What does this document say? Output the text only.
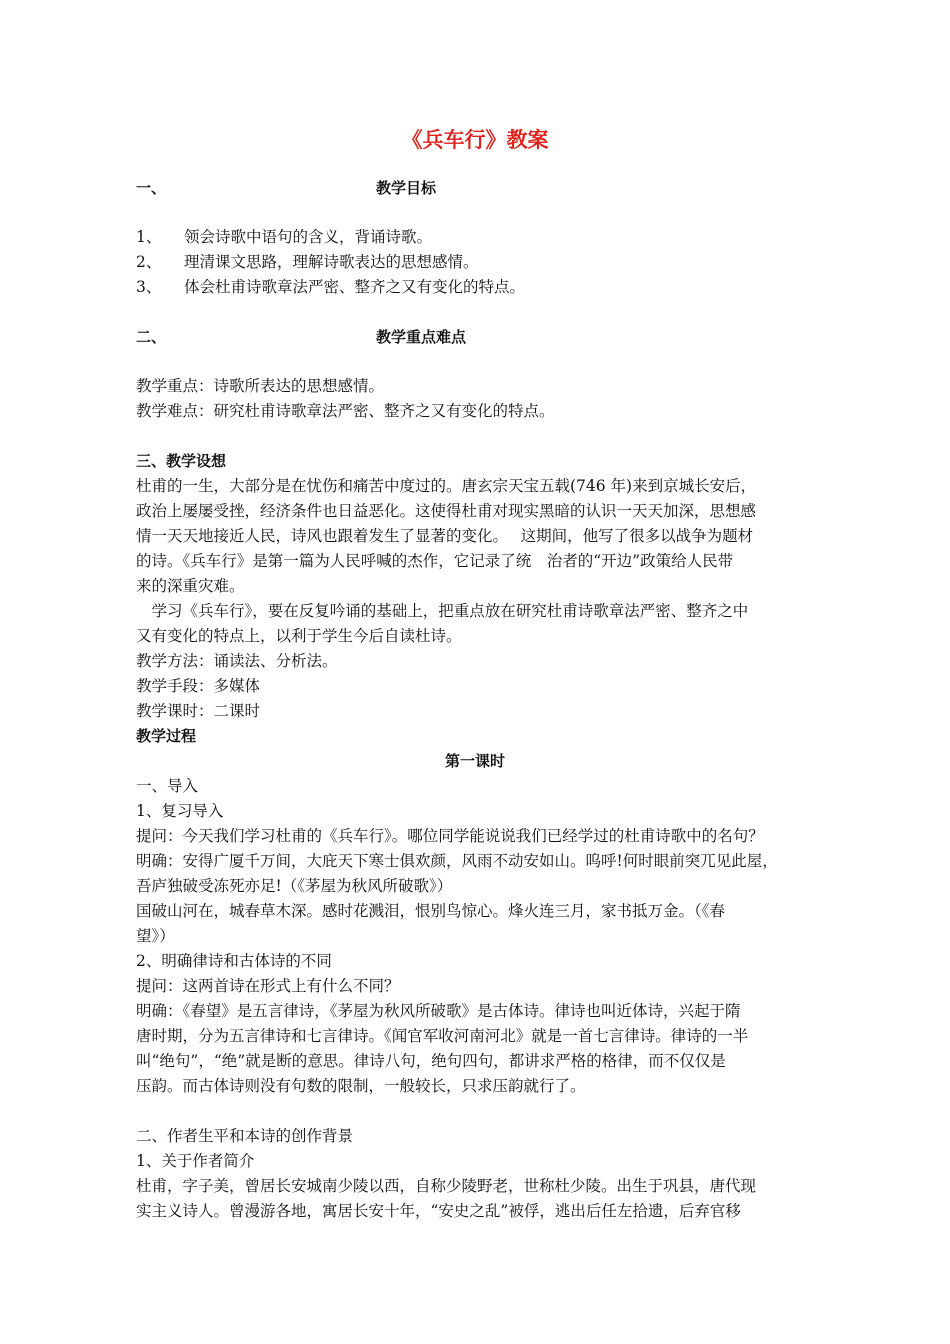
《兵车行》教案
一、	教学目标
1、 领会诗歌中语句的含义，背诵诗歌。
2、 理清课文思路，理解诗歌表达的思想感情。
3、 体会杜甫诗歌章法严密、整齐之又有变化的特点。
二、	教学重点难点
教学重点：诗歌所表达的思想感情。
教学难点：研究杜甫诗歌章法严密、整齐之又有变化的特点。
三、教学设想
杜甫的一生，大部分是在忧伤和痛苦中度过的。唐玄宗天宝五载(746 年)来到京城长安后，
政治上屡屡受挫，经济条件也日益恶化。这使得杜甫对现实黑暗的认识一天天加深，思想感
情一天天地接近人民，诗风也跟着发生了显著的变化。　 这期间，他写了很多以战争为题材
的诗。《兵车行》是第一篇为人民呼喊的杰作，它记录了统　治者的“开边”政策给人民带
来的深重灾难。
　学习《兵车行》，要在反复吟诵的基础上，把重点放在研究杜甫诗歌章法严密、整齐之中
又有变化的特点上，以利于学生今后自读杜诗。
教学方法：诵读法、分析法。
教学手段：多媒体
教学课时：二课时
教学过程
第一课时
一、导入
1、复习导入
提问：今天我们学习杜甫的《兵车行》。哪位同学能说说我们已经学过的杜甫诗歌中的名句？
明确：安得广厦千万间，大庇天下寒士俱欢颜，风雨不动安如山。呜呼!何时眼前突兀见此屋，
吾庐独破受冻死亦足!（《茅屋为秋风所破歌》）
国破山河在，城春草木深。感时花溅泪，恨别鸟惊心。烽火连三月，家书抵万金。（《春
望》）
2、明确律诗和古体诗的不同
提问：这两首诗在形式上有什么不同？
明确：《春望》是五言律诗，《茅屋为秋风所破歌》是古体诗。律诗也叫近体诗，兴起于隋
唐时期，分为五言律诗和七言律诗。《闻官军收河南河北》就是一首七言律诗。律诗的一半
叫“绝句”，“绝”就是断的意思。律诗八句，绝句四句，都讲求严格的格律，而不仅仅是
压韵。而古体诗则没有句数的限制，一般较长，只求压韵就行了。
二、作者生平和本诗的创作背景
1、关于作者简介
杜甫，字子美，曾居长安城南少陵以西，自称少陵野老，世称杜少陵。出生于巩县，唐代现
实主义诗人。曾漫游各地，寓居长安十年，“安史之乱”被俘，逃出后任左拾遗，后弃官移
